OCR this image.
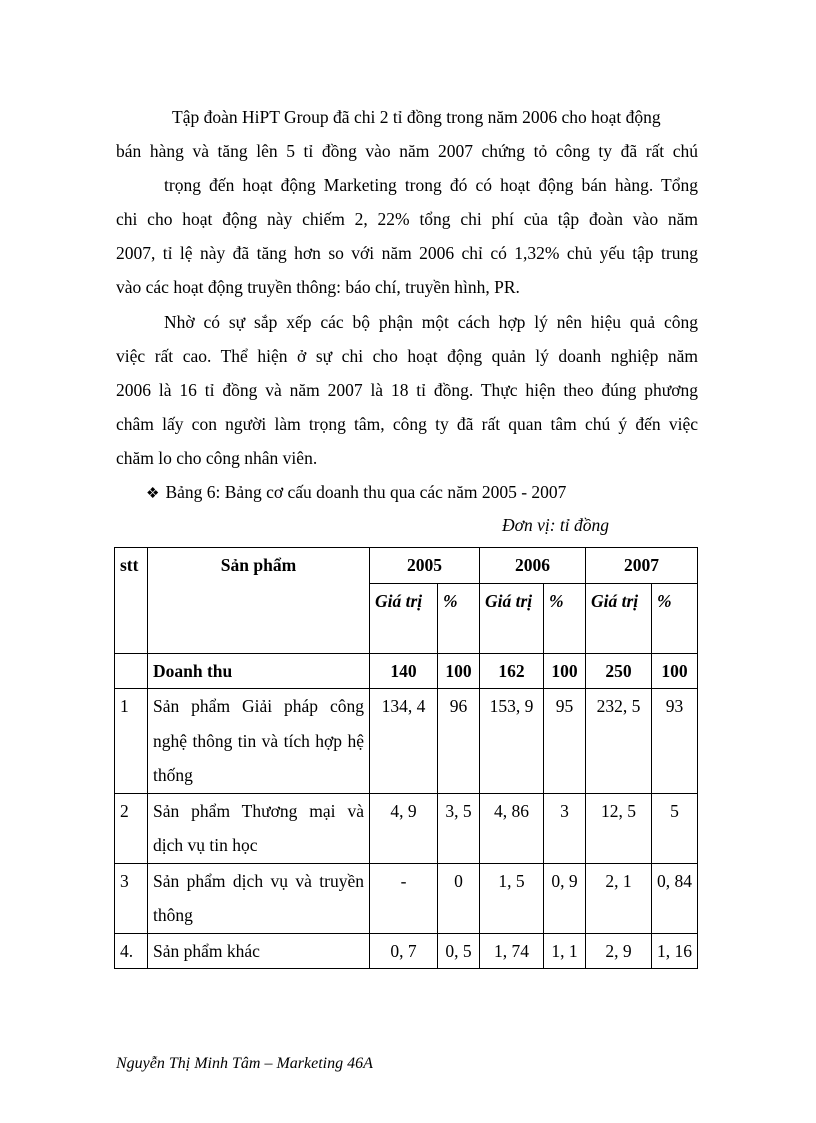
Tập đoàn HiPT Group đã chi 2 tỉ đồng trong năm 2006 cho hoạt động
bán hàng và tăng lên 5 tỉ đồng vào năm 2007 chứng tỏ công ty đã rất chú
trọng đến hoạt động Marketing trong đó có hoạt động bán hàng. Tổng
chi cho hoạt động này chiếm 2, 22% tổng chi phí của tập đoàn vào năm
2007, tỉ lệ này đã tăng hơn so với năm 2006 chỉ có 1,32% chủ yếu tập trung
vào các hoạt động truyền thông: báo chí, truyền hình, PR.
Nhờ có sự sắp xếp các bộ phận một cách hợp lý nên hiệu quả công
việc rất cao. Thể hiện ở sự chi cho hoạt động quản lý doanh nghiệp năm
2006 là 16 tỉ đồng và năm 2007 là 18 tỉ đồng. Thực hiện theo đúng phương
châm lấy con người làm trọng tâm, công ty đã rất quan tâm chú ý đến việc
chăm lo cho công nhân viên.
❖ Bảng 6: Bảng cơ cấu doanh thu qua các năm 2005 - 2007
Đơn vị: tỉ đồng
stt	Sản phẩm	2005		2006		2007	
		Giá trị	%	Giá trị	%	Giá trị	%
	Doanh thu	140	100	162	100	250	100
1	Sản phẩm Giải pháp công nghệ thông tin và tích hợp hệ thống	134, 4	96	153, 9	95	232, 5	93
2	Sản phẩm Thương mại và dịch vụ tin học	4, 9	3, 5	4, 86	3	12, 5	5
3	Sản phẩm dịch vụ và truyền thông	-	0	1, 5	0, 9	2, 1	0, 84
4.	Sản phẩm khác	0, 7	0, 5	1, 74	1, 1	2, 9	1, 16
Nguyễn Thị Minh Tâm – Marketing 46A
